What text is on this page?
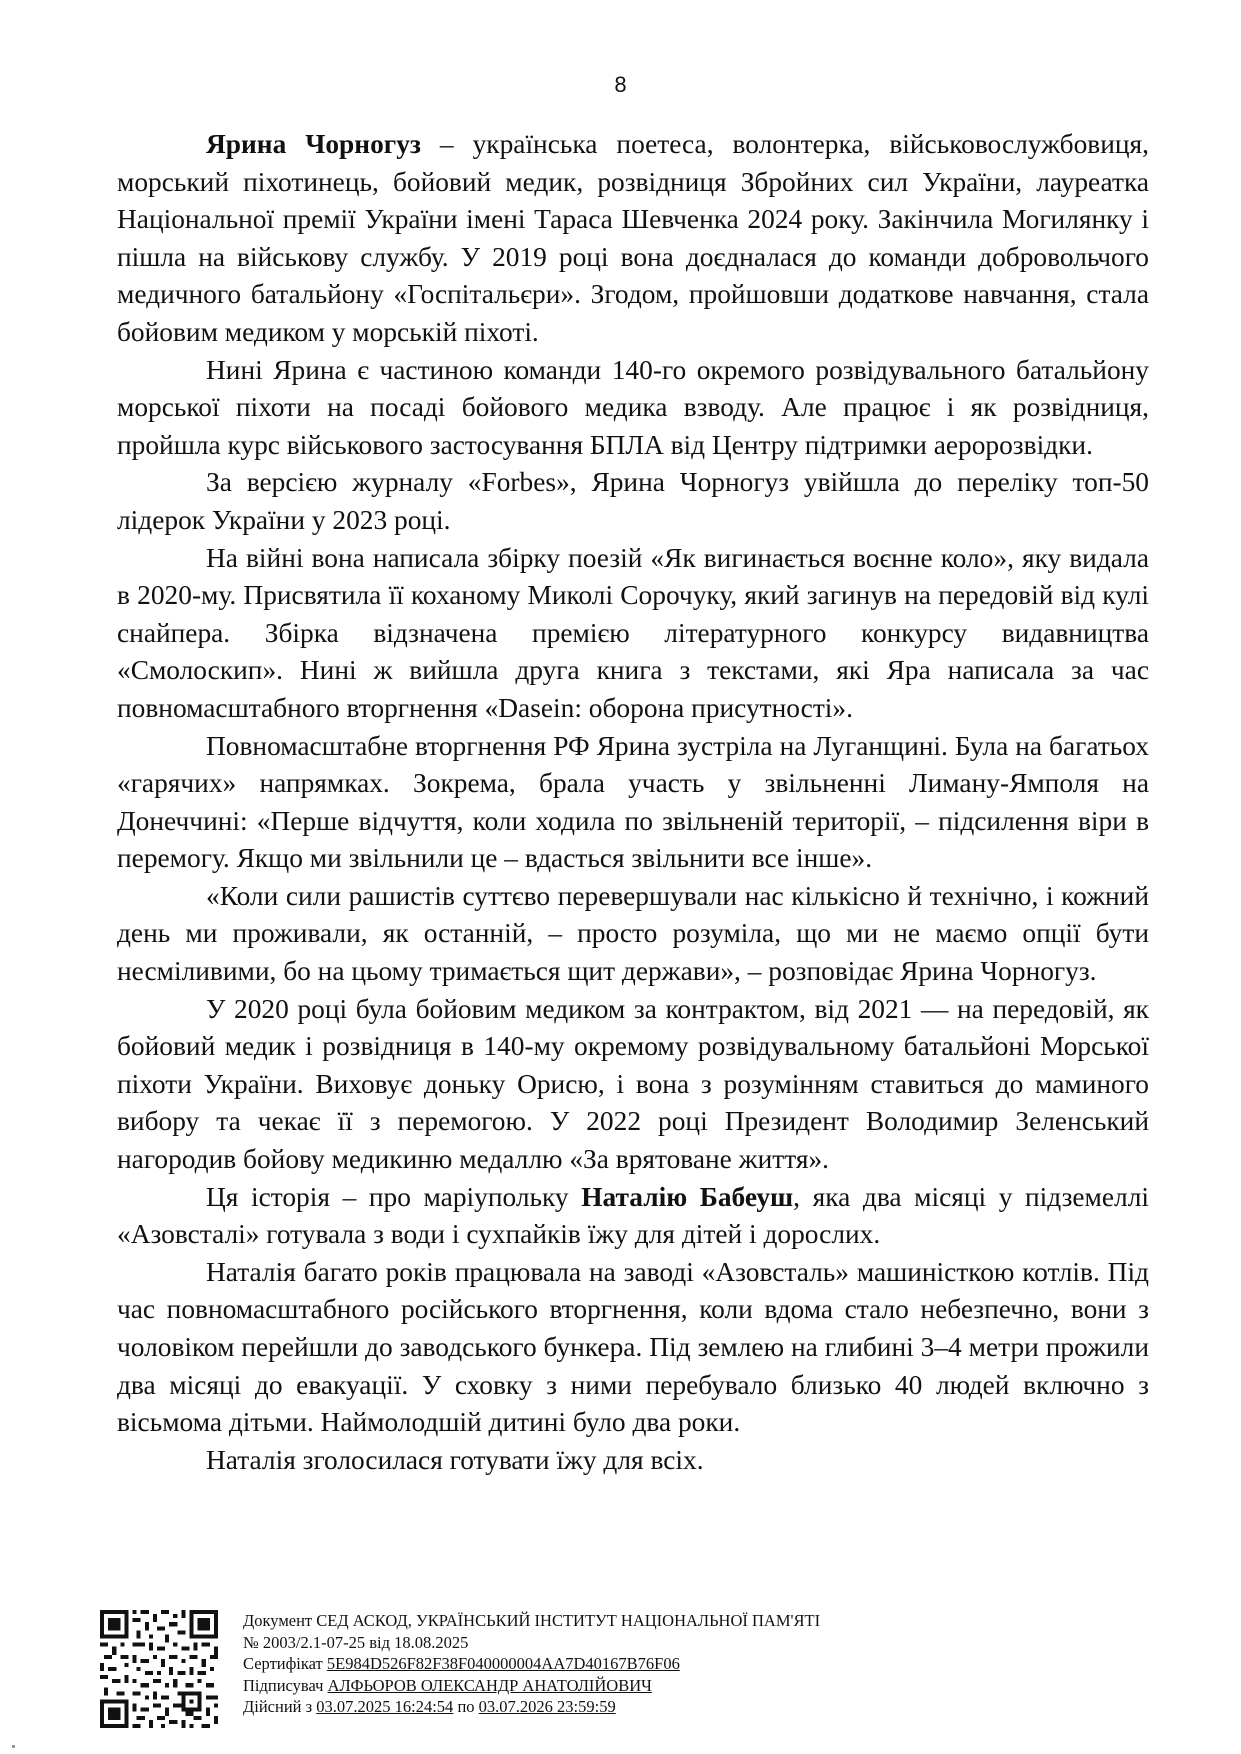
8

Ярина Чорногуз – українська поетеса, волонтерка, військовослужбовиця, морський піхотинець, бойовий медик, розвідниця Збройних сил України, лауреатка Національної премії України імені Тараса Шевченка 2024 року. Закінчила Могилянку і пішла на військову службу. У 2019 році вона доєдналася до команди добровольчого медичного батальйону «Госпітальєри». Згодом, пройшовши додаткове навчання, стала бойовим медиком у морській піхоті.

Нині Ярина є частиною команди 140-го окремого розвідувального батальйону морської піхоти на посаді бойового медика взводу. Але працює і як розвідниця, пройшла курс військового застосування БПЛА від Центру підтримки аеророзвідки.

За версією журналу «Forbes», Ярина Чорногуз увійшла до переліку топ-50 лідерок України у 2023 році.

На війні вона написала збірку поезій «Як вигинається воєнне коло», яку видала в 2020-му. Присвятила її коханому Миколі Сорочуку, який загинув на передовій від кулі снайпера. Збірка відзначена премією літературного конкурсу видавництва «Смолоскип». Нині ж вийшла друга книга з текстами, які Яра написала за час повномасштабного вторгнення «Dasein: оборона присутності».

Повномасштабне вторгнення РФ Ярина зустріла на Луганщині. Була на багатьох «гарячих» напрямках. Зокрема, брала участь у звільненні Лиману-Ямполя на Донеччині: «Перше відчуття, коли ходила по звільненій території, – підсилення віри в перемогу. Якщо ми звільнили це – вдасться звільнити все інше».

«Коли сили рашистів суттєво перевершували нас кількісно й технічно, і кожний день ми проживали, як останній, – просто розуміла, що ми не маємо опції бути несміливими, бо на цьому тримається щит держави», – розповідає Ярина Чорногуз.

У 2020 році була бойовим медиком за контрактом, від 2021 — на передовій, як бойовий медик і розвідниця в 140-му окремому розвідувальному батальйоні Морської піхоти України. Виховує доньку Орисю, і вона з розумінням ставиться до маминого вибору та чекає її з перемогою. У 2022 році Президент Володимир Зеленський нагородив бойову медикиню медаллю «За врятоване життя».

Ця історія – про маріупольку Наталію Бабеуш, яка два місяці у підземеллі «Азовсталі» готувала з води і сухпайків їжу для дітей і дорослих.

Наталія багато років працювала на заводі «Азовсталь» машиністкою котлів. Під час повномасштабного російського вторгнення, коли вдома стало небезпечно, вони з чоловіком перейшли до заводського бункера. Під землею на глибині 3–4 метри прожили два місяці до евакуації. У сховку з ними перебувало близько 40 людей включно з вісьмома дітьми. Наймолодшій дитині було два роки.

Наталія зголосилася готувати їжу для всіх.

Документ СЕД АСКОД, УКРАЇНСЬКИЙ ІНСТИТУТ НАЦІОНАЛЬНОЇ ПАМ'ЯТІ
№ 2003/2.1-07-25 від 18.08.2025
Сертифікат 5E984D526F82F38F040000004AA7D40167B76F06
Підписувач АЛФЬОРОВ ОЛЕКСАНДР АНАТОЛІЙОВИЧ
Дійсний з 03.07.2025 16:24:54 по 03.07.2026 23:59:59
